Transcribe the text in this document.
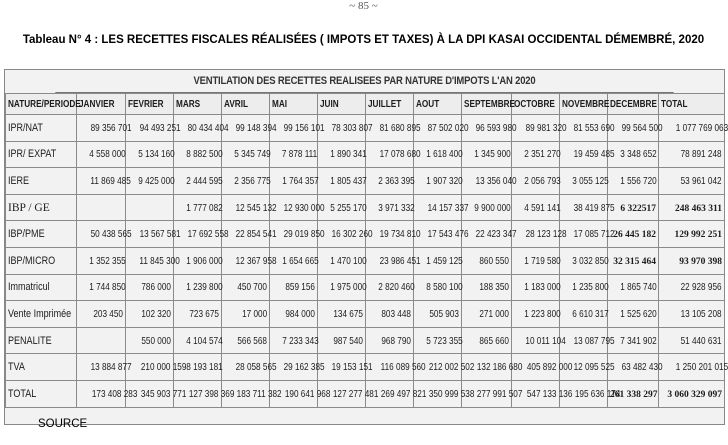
~ 85 ~
Tableau N° 4 : LES RECETTES FISCALES RÉALISÉES ( IMPOTS ET TAXES) À LA DPI KASAI OCCIDENTAL DÉMEMBRÉ, 2020
VENTILATION DES RECETTES REALISEES PAR NATURE D'IMPOTS L'AN 2020
NATURE/PERIODE	JANVIER	FEVRIER	MARS	AVRIL	MAI	JUIN	JUILLET	AOUT	SEPTEMBRE	OCTOBRE	NOVEMBRE	DECEMBRE	TOTAL
IPR/NAT	89 356 701	94 493 251	80 434 404	99 148 394	99 156 101	78 303 807	81 680 895	87 502 020	96 593 980	89 981 320	81 553 690	99 564 500	1 077 769 063
IPR/ EXPAT	4 558 000	5 134 160	8 882 500	5 345 749	7 878 111	1 890 341	17 078 680	1 618 400	1 345 900	2 351 270	19 459 485	3 348 652	78 891 248
IERE	11 869 485	9 425 000	2 444 595	2 356 775	1 764 357	1 805 437	2 363 395	1 907 320	13 356 040	2 056 793	3 055 125	1 556 720	53 961 042
IBP / GE			1 777 082	12 545 132	12 930 000	5 255 170	3 971 332	14 157 337	9 900 000	4 591 141	38 419 875	6 322517	248 463 311
IBP/PME	50 438 565	13 567 581	17 692 558	22 854 541	29 019 850	16 302 260	19 734 810	17 543 476	22 423 347	28 123 128	17 085 712	26 445 182	129 992 251
IBP/MICRO	1 352 355	11 845 300	1 906 000	12 367 958	1 654 665	1 470 100	23 986 451	1 459 125	860 550	1 719 580	3 032 850	32 315 464	93 970 398
Immatricul	1 744 850	786 000	1 239 800	450 700	859 156	1 975 000	2 820 460	8 580 100	188 350	1 183 000	1 235 800	1 865 740	22 928 956
Vente Imprimée	203 450	102 320	723 675	17 000	984 000	134 675	803 448	505 903	271 000	1 223 800	6 610 317	1 525 620	13 105 208
PENALITE		550 000	4 104 574	566 568	7 233 343	987 540	968 790	5 723 355	865 660	10 011 104	13 087 795	7 341 902	51 440 631
TVA	13 884 877	210 000 159	8 193 181	28 058 565	29 162 385	19 153 151	116 089 560	212 002 502	132 186 680	405 892 000	12 095 525	63 482 430	1 250 201 015
TOTAL	173 408 283	345 903 771	127 398 369	183 711 382	190 641 968	127 277 481	269 497 821	350 999 538	277 991 507	547 133 136	195 636 174	261 338 297	3 060 329 097
SOURCE
